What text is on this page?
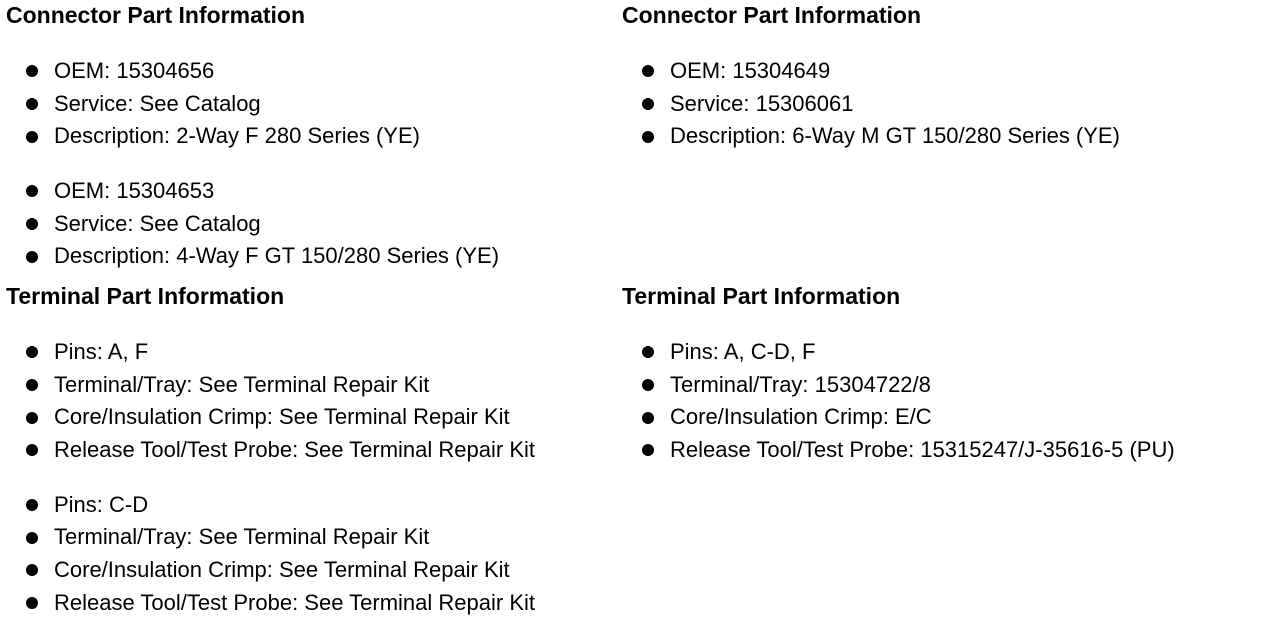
Connector Part Information
OEM: 15304656
Service: See Catalog
Description: 2-Way F 280 Series (YE)
OEM: 15304653
Service: See Catalog
Description: 4-Way F GT 150/280 Series (YE)
Terminal Part Information
Pins: A, F
Terminal/Tray: See Terminal Repair Kit
Core/Insulation Crimp: See Terminal Repair Kit
Release Tool/Test Probe: See Terminal Repair Kit
Pins: C-D
Terminal/Tray: See Terminal Repair Kit
Core/Insulation Crimp: See Terminal Repair Kit
Release Tool/Test Probe: See Terminal Repair Kit
Connector Part Information
OEM: 15304649
Service: 15306061
Description: 6-Way M GT 150/280 Series (YE)
Terminal Part Information
Pins: A, C-D, F
Terminal/Tray: 15304722/8
Core/Insulation Crimp: E/C
Release Tool/Test Probe: 15315247/J-35616-5 (PU)
